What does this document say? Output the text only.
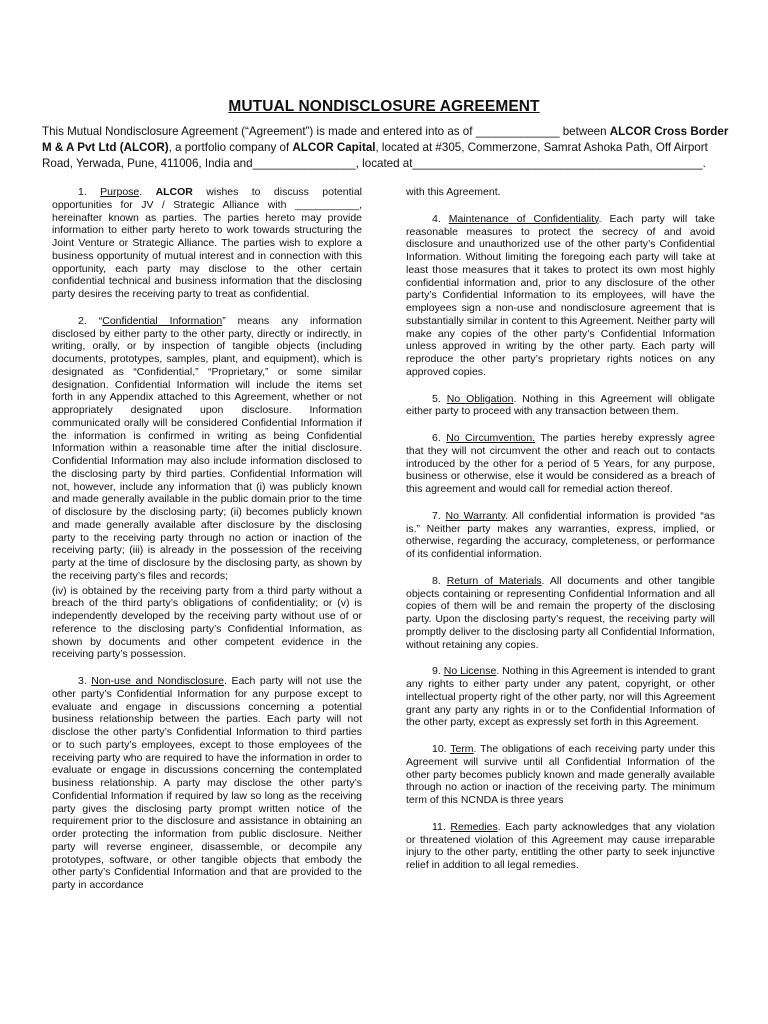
MUTUAL NONDISCLOSURE AGREEMENT
This Mutual Nondisclosure Agreement (“Agreement”) is made and entered into as of _____________ between ALCOR Cross Border M & A Pvt Ltd (ALCOR), a portfolio company of ALCOR Capital, located at #305, Commerzone, Samrat Ashoka Path, Off Airport Road, Yerwada, Pune, 411006, India and________________, located at_____________________________________________.

1. Purpose. ALCOR wishes to discuss potential opportunities for JV / Strategic Alliance with ___________, hereinafter known as parties. The parties hereto may provide information to either party hereto to work towards structuring the Joint Venture or Strategic Alliance. The parties wish to explore a business opportunity of mutual interest and in connection with this opportunity, each party may disclose to the other certain confidential technical and business information that the disclosing party desires the receiving party to treat as confidential.

2. “Confidential Information” means any information disclosed by either party to the other party, directly or indirectly, in writing, orally, or by inspection of tangible objects (including documents, prototypes, samples, plant, and equipment), which is designated as “Confidential,” “Proprietary,” or some similar designation. Confidential Information will include the items set forth in any Appendix attached to this Agreement, whether or not appropriately designated upon disclosure. Information communicated orally will be considered Confidential Information if the information is confirmed in writing as being Confidential Information within a reasonable time after the initial disclosure. Confidential Information may also include information disclosed to the disclosing party by third parties. Confidential Information will not, however, include any information that (i) was publicly known and made generally available in the public domain prior to the time of disclosure by the disclosing party; (ii) becomes publicly known and made generally available after disclosure by the disclosing party to the receiving party through no action or inaction of the receiving party; (iii) is already in the possession of the receiving party at the time of disclosure by the disclosing party, as shown by the receiving party’s files and records;

(iv) is obtained by the receiving party from a third party without a breach of the third party’s obligations of confidentiality; or (v) is independently developed by the receiving party without use of or reference to the disclosing party’s Confidential Information, as shown by documents and other competent evidence in the receiving party’s possession.

3. Non-use and Nondisclosure. Each party will not use the other party’s Confidential Information for any purpose except to evaluate and engage in discussions concerning a potential business relationship between the parties. Each party will not disclose the other party’s Confidential Information to third parties or to such party’s employees, except to those employees of the receiving party who are required to have the information in order to evaluate or engage in discussions concerning the contemplated business relationship. A party may disclose the other party’s Confidential Information if required by law so long as the receiving party gives the disclosing party prompt written notice of the requirement prior to the disclosure and assistance in obtaining an order protecting the information from public disclosure. Neither party will reverse engineer, disassemble, or decompile any prototypes, software, or other tangible objects that embody the other party’s Confidential Information and that are provided to the party in accordance

with this Agreement.

4. Maintenance of Confidentiality. Each party will take reasonable measures to protect the secrecy of and avoid disclosure and unauthorized use of the other party’s Confidential Information. Without limiting the foregoing each party will take at least those measures that it takes to protect its own most highly confidential information and, prior to any disclosure of the other party’s Confidential Information to its employees, will have the employees sign a non-use and nondisclosure agreement that is substantially similar in content to this Agreement. Neither party will make any copies of the other party’s Confidential Information unless approved in writing by the other party. Each party will reproduce the other party’s proprietary rights notices on any approved copies.

5. No Obligation. Nothing in this Agreement will obligate either party to proceed with any transaction between them.

6. No Circumvention. The parties hereby expressly agree that they will not circumvent the other and reach out to contacts introduced by the other for a period of 5 Years, for any purpose, business or otherwise, else it would be considered as a breach of this agreement and would call for remedial action thereof.

7. No Warranty. All confidential information is provided “as is.” Neither party makes any warranties, express, implied, or otherwise, regarding the accuracy, completeness, or performance of its confidential information.

8. Return of Materials. All documents and other tangible objects containing or representing Confidential Information and all copies of them will be and remain the property of the disclosing party. Upon the disclosing party’s request, the receiving party will promptly deliver to the disclosing party all Confidential Information, without retaining any copies.

9. No License. Nothing in this Agreement is intended to grant any rights to either party under any patent, copyright, or other intellectual property right of the other party, nor will this Agreement grant any party any rights in or to the Confidential Information of the other party, except as expressly set forth in this Agreement.

10. Term. The obligations of each receiving party under this Agreement will survive until all Confidential Information of the other party becomes publicly known and made generally available through no action or inaction of the receiving party. The minimum term of this NCNDA is three years

11. Remedies. Each party acknowledges that any violation or threatened violation of this Agreement may cause irreparable injury to the other party, entitling the other party to seek injunctive relief in addition to all legal remedies.
